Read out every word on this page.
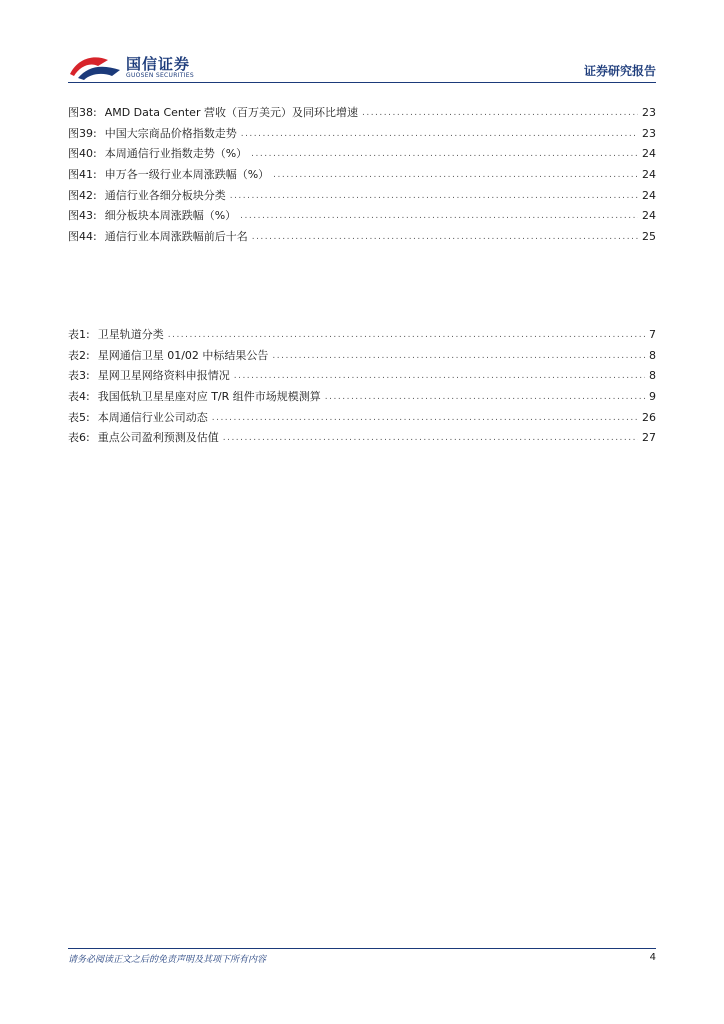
国信证券
GUOSEN SECURITIES	证券研究报告
图38: AMD Data Center 营收（百万美元）及同环比增速 .....	23
图39: 中国大宗商品价格指数走势 .....	23
图40: 本周通信行业指数走势（%） .....	24
图41: 申万各一级行业本周涨跌幅（%） .....	24
图42: 通信行业各细分板块分类 .....	24
图43: 细分板块本周涨跌幅（%） .....	24
图44: 通信行业本周涨跌幅前后十名 .....	25
表1: 卫星轨道分类 .....	7
表2: 星网通信卫星 01/02 中标结果公告 .....	8
表3: 星网卫星网络资料申报情况 .....	8
表4: 我国低轨卫星星座对应 T/R 组件市场规模测算 .....	9
表5: 本周通信行业公司动态 .....	26
表6: 重点公司盈利预测及估值 .....	27
请务必阅读正文之后的免责声明及其项下所有内容	4
